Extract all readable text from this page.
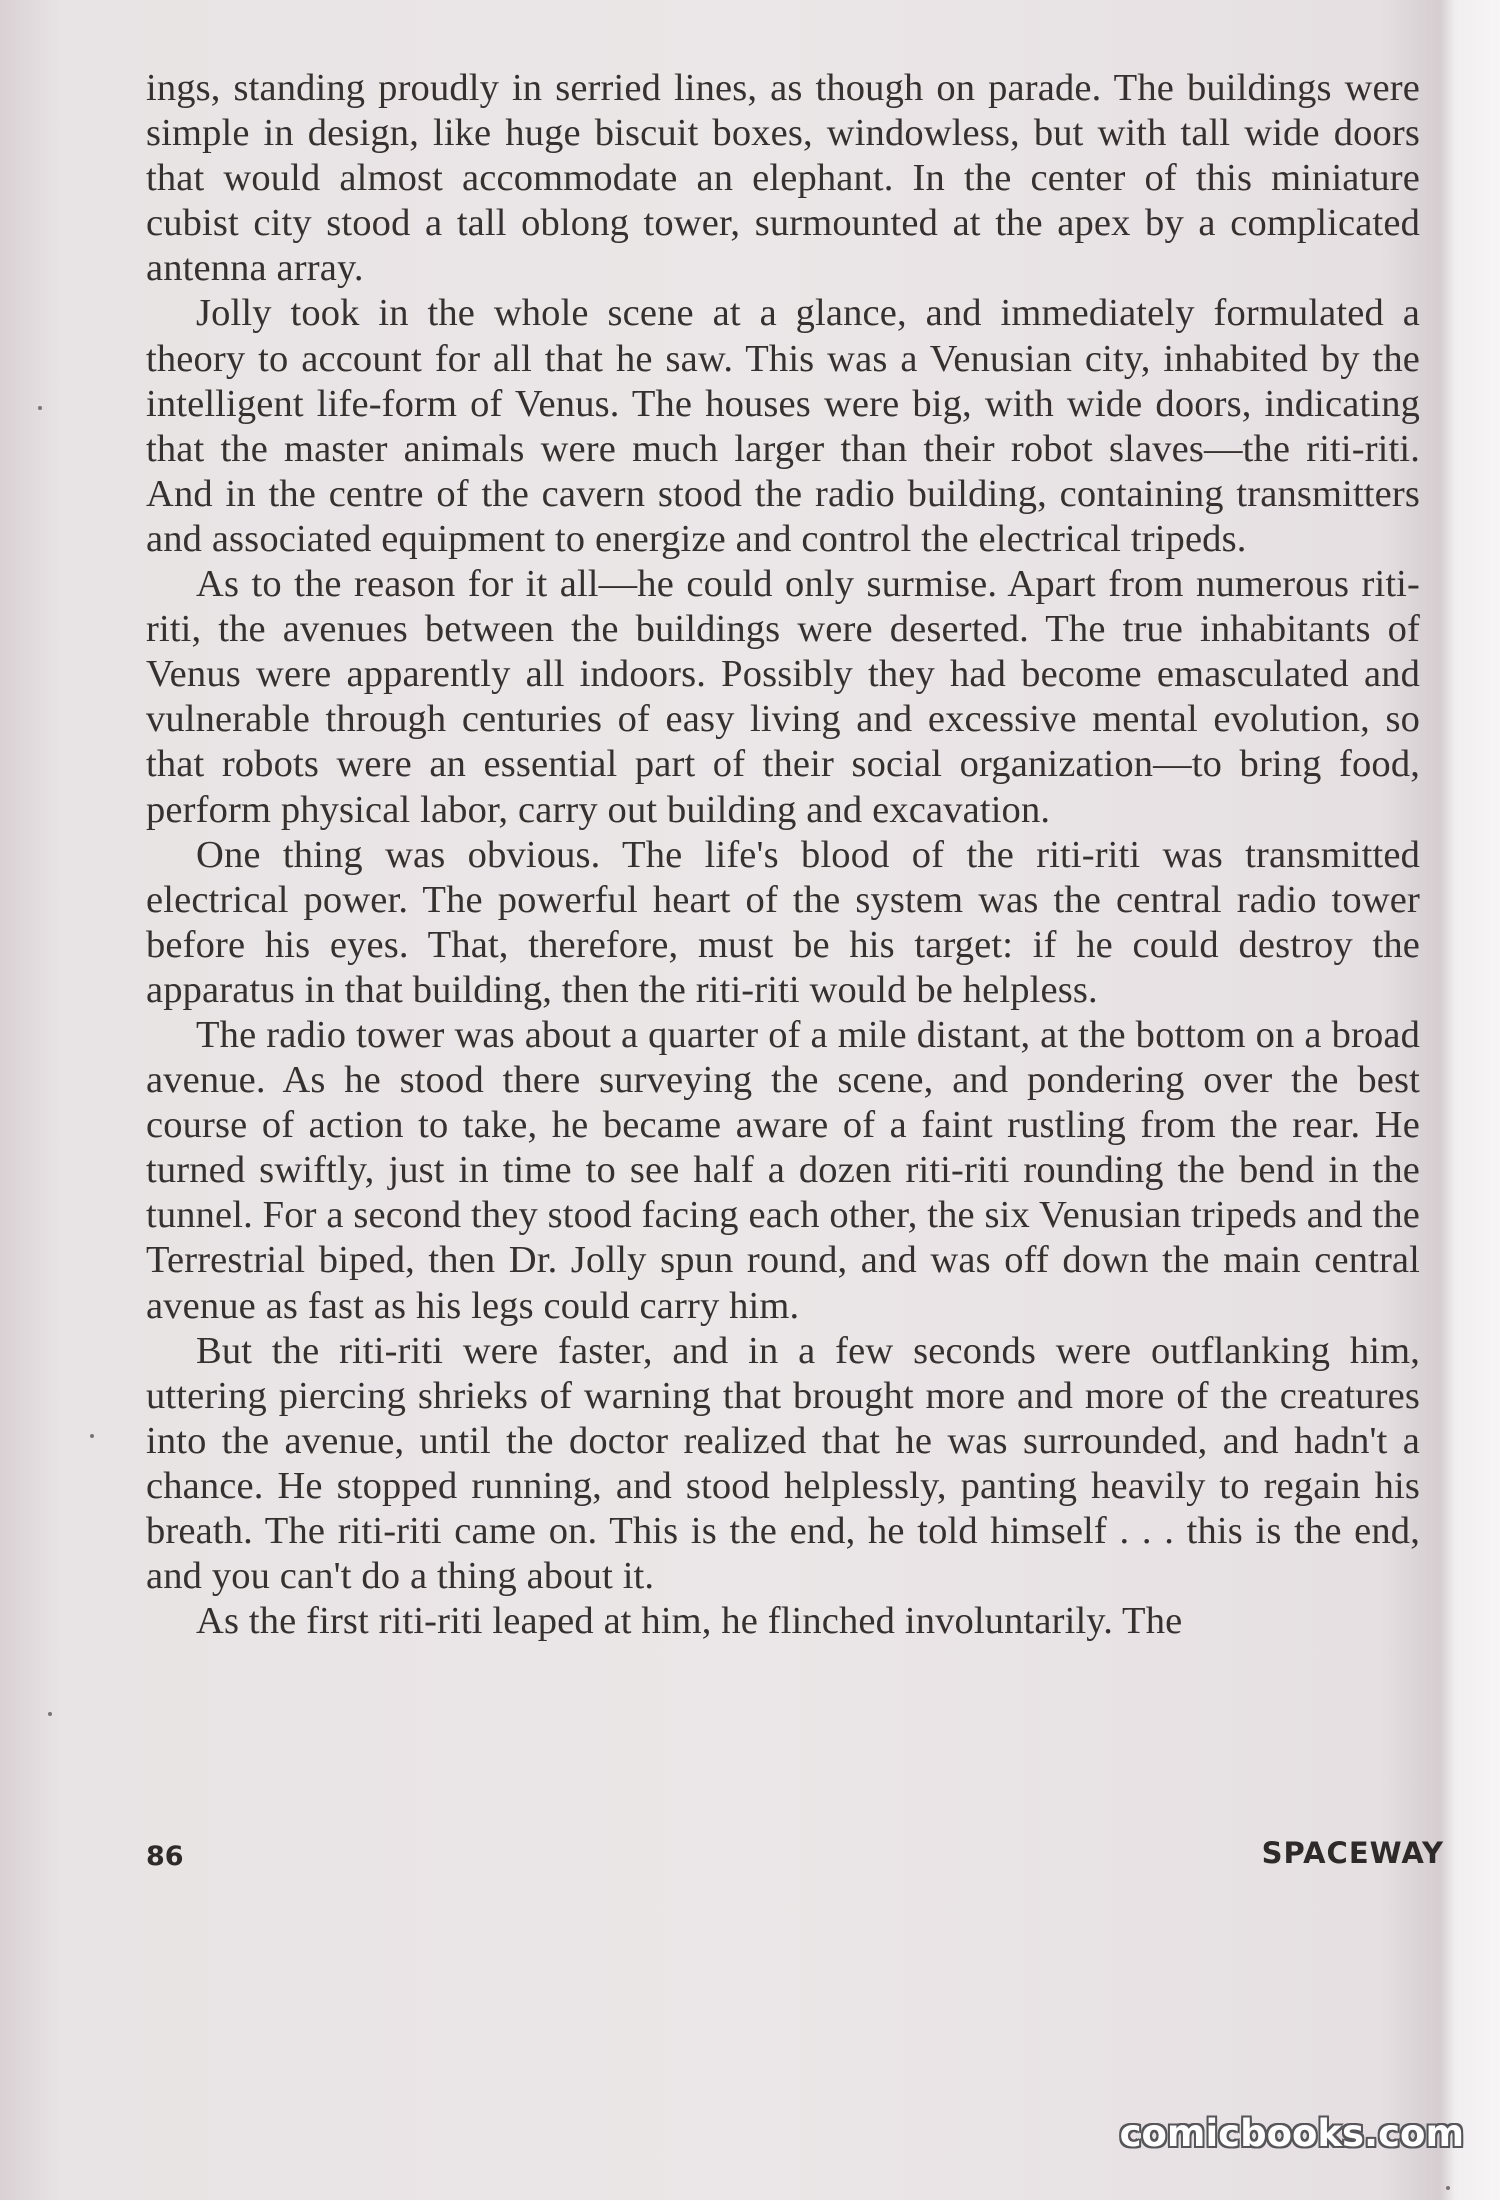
ings, standing proudly in serried lines, as though on parade. The buildings were simple in design, like huge biscuit boxes, windowless, but with tall wide doors that would almost accommodate an elephant. In the center of this miniature cubist city stood a tall oblong tower, surmounted at the apex by a complicated antenna array.

Jolly took in the whole scene at a glance, and immediately formulated a theory to account for all that he saw. This was a Venusian city, inhabited by the intelligent life-form of Venus. The houses were big, with wide doors, indicating that the master animals were much larger than their robot slaves—the riti-riti. And in the centre of the cavern stood the radio building, containing transmitters and associated equipment to energize and control the electrical tripeds.

As to the reason for it all—he could only surmise. Apart from numerous riti-riti, the avenues between the buildings were deserted. The true inhabitants of Venus were apparently all indoors. Possibly they had become emasculated and vulnerable through centuries of easy living and excessive mental evolution, so that robots were an essential part of their social organization—to bring food, perform physical labor, carry out building and excavation.

One thing was obvious. The life's blood of the riti-riti was transmitted electrical power. The powerful heart of the system was the central radio tower before his eyes. That, therefore, must be his target: if he could destroy the apparatus in that building, then the riti-riti would be helpless.

The radio tower was about a quarter of a mile distant, at the bottom on a broad avenue. As he stood there surveying the scene, and pondering over the best course of action to take, he became aware of a faint rustling from the rear. He turned swiftly, just in time to see half a dozen riti-riti rounding the bend in the tunnel. For a second they stood facing each other, the six Venusian tripeds and the Terrestrial biped, then Dr. Jolly spun round, and was off down the main central avenue as fast as his legs could carry him.

But the riti-riti were faster, and in a few seconds were outflanking him, uttering piercing shrieks of warning that brought more and more of the creatures into the avenue, until the doctor realized that he was surrounded, and hadn't a chance. He stopped running, and stood helplessly, panting heavily to regain his breath. The riti-riti came on. This is the end, he told himself . . . this is the end, and you can't do a thing about it.

As the first riti-riti leaped at him, he flinched involuntarily. The

86	SPACEWAY
comicbooks.com
